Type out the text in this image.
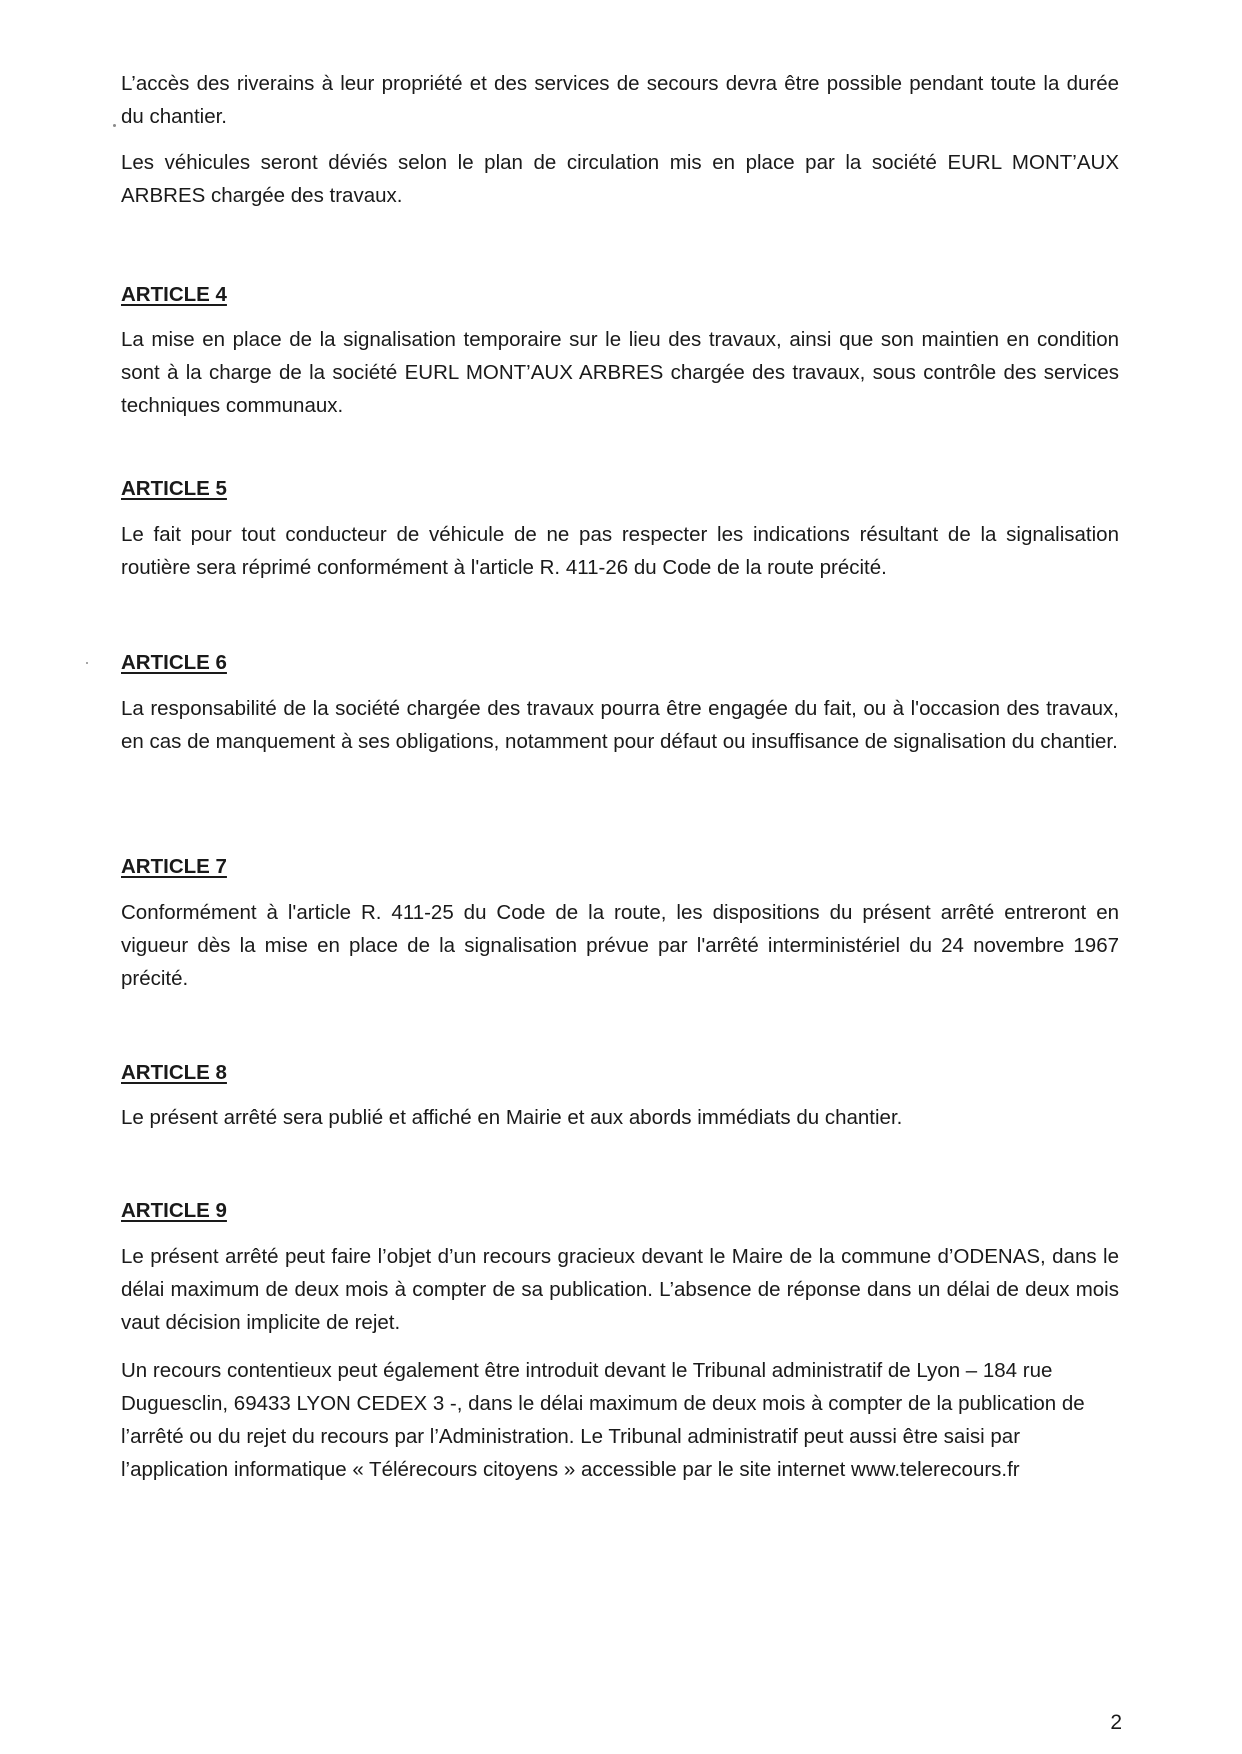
L’accès des riverains à leur propriété et des services de secours devra être possible pendant toute la durée du chantier.

Les véhicules seront déviés selon le plan de circulation mis en place par la société EURL MONT’AUX ARBRES chargée des travaux.

ARTICLE 4

La mise en place de la signalisation temporaire sur le lieu des travaux, ainsi que son maintien en condition sont à la charge de la société EURL MONT’AUX ARBRES chargée des travaux, sous contrôle des services techniques communaux.

ARTICLE 5

Le fait pour tout conducteur de véhicule de ne pas respecter les indications résultant de la signalisation routière sera réprimé conformément à l'article R. 411-26 du Code de la route précité.

ARTICLE 6

La responsabilité de la société chargée des travaux pourra être engagée du fait, ou à l'occasion des travaux, en cas de manquement à ses obligations, notamment pour défaut ou insuffisance de signalisation du chantier.

ARTICLE 7

Conformément à l'article R. 411-25 du Code de la route, les dispositions du présent arrêté entreront en vigueur dès la mise en place de la signalisation prévue par l'arrêté interministériel du 24 novembre 1967 précité.

ARTICLE 8

Le présent arrêté sera publié et affiché en Mairie et aux abords immédiats du chantier.

ARTICLE 9

Le présent arrêté peut faire l’objet d’un recours gracieux devant le Maire de la commune d’ODENAS, dans le délai maximum de deux mois à compter de sa publication. L’absence de réponse dans un délai de deux mois vaut décision implicite de rejet.

Un recours contentieux peut également être introduit devant le Tribunal administratif de Lyon – 184 rue Duguesclin, 69433 LYON CEDEX 3 -, dans le délai maximum de deux mois à compter de la publication de l’arrêté ou du rejet du recours par l’Administration. Le Tribunal administratif peut aussi être saisi par l’application informatique « Télérecours citoyens » accessible par le site internet www.telerecours.fr

2
